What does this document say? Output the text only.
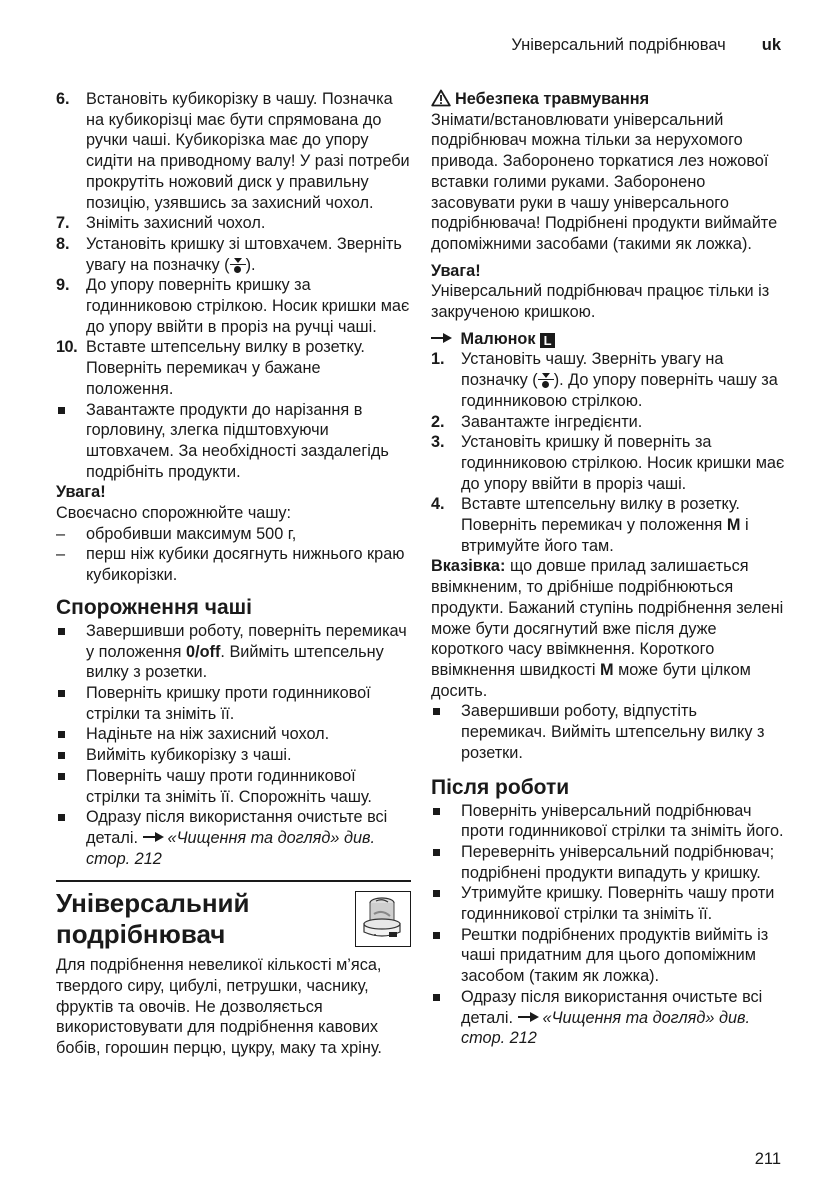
Універсальний подрібнювач uk
6.	Встановіть кубикорізку в чашу. Позначка на кубикорізці має бути спрямована до ручки чаші. Кубикорізка має до упору сидіти на приводному валу! У разі потреби прокрутіть ножовий диск у правильну позицію, узявшись за захисний чохол.
7.	Зніміть захисний чохол.
8.	Установіть кришку зі штовхачем. Зверніть увагу на позначку ( ).
9.	До упору поверніть кришку за годинниковою стрілкою. Носик кришки має до упору ввійти в проріз на ручці чаші.
10. Вставте штепсельну вилку в розетку. Поверніть перемикач у бажане положення.
Завантажте продукти до нарізання в горловину, злегка підштовхуючи штовхачем. За необхідності заздалегідь подрібніть продукти.
Увага!
Своєчасно спорожнюйте чашу:
–	обробивши максимум 500 г,
–	перш ніж кубики досягнуть нижнього краю кубикорізки.
Спорожнення чаші
Завершивши роботу, поверніть перемикач у положення 0/off. Вийміть штепсельну вилку з розетки.
Поверніть кришку проти годинникової стрілки та зніміть її.
Надіньте на ніж захисний чохол.
Вийміть кубикорізку з чаші.
Поверніть чашу проти годинникової стрілки та зніміть її. Спорожніть чашу.
Одразу після використання очистьте всі деталі. «Чищення та догляд» див. стор. 212
Універсальний
подрібнювач
Для подрібнення невеликої кількості м’яса, твердого сиру, цибулі, петрушки, часнику, фруктів та овочів. Не дозволяється використовувати для подрібнення кавових бобів, горошин перцю, цукру, маку та хріну.
Небезпека травмування
Знімати/встановлювати універсальний подрібнювач можна тільки за нерухомого привода. Заборонено торкатися лез ножової вставки голими руками. Заборонено засовувати руки в чашу універсального подрібнювача! Подрібнені продукти виймайте допоміжними засобами (такими як ложка).
Увага!
Універсальний подрібнювач працює тільки із закрученою кришкою.
Малюнок L
1.	Установіть чашу. Зверніть увагу на позначку ( ). До упору поверніть чашу за годинниковою стрілкою.
2.	Завантажте інгредієнти.
3.	Установіть кришку й поверніть за годинниковою стрілкою. Носик кришки має до упору ввійти в проріз чаші.
4.	Вставте штепсельну вилку в розетку. Поверніть перемикач у положення M і втримуйте його там.
Вказівка: що довше прилад залишається ввімкненим, то дрібніше подрібнюються продукти. Бажаний ступінь подрібнення зелені може бути досягнутий вже після дуже короткого часу ввімкнення. Короткого ввімкнення швидкості M може бути цілком досить.
Завершивши роботу, відпустіть перемикач. Вийміть штепсельну вилку з розетки.
Після роботи
Поверніть універсальний подрібнювач проти годинникової стрілки та зніміть його.
Переверніть універсальний подрібнювач; подрібнені продукти випадуть у кришку.
Утримуйте кришку. Поверніть чашу проти годинникової стрілки та зніміть її.
Рештки подрібнених продуктів вийміть із чаші придатним для цього допоміжним засобом (таким як ложка).
Одразу після використання очистьте всі деталі. «Чищення та догляд» див. стор. 212
211
